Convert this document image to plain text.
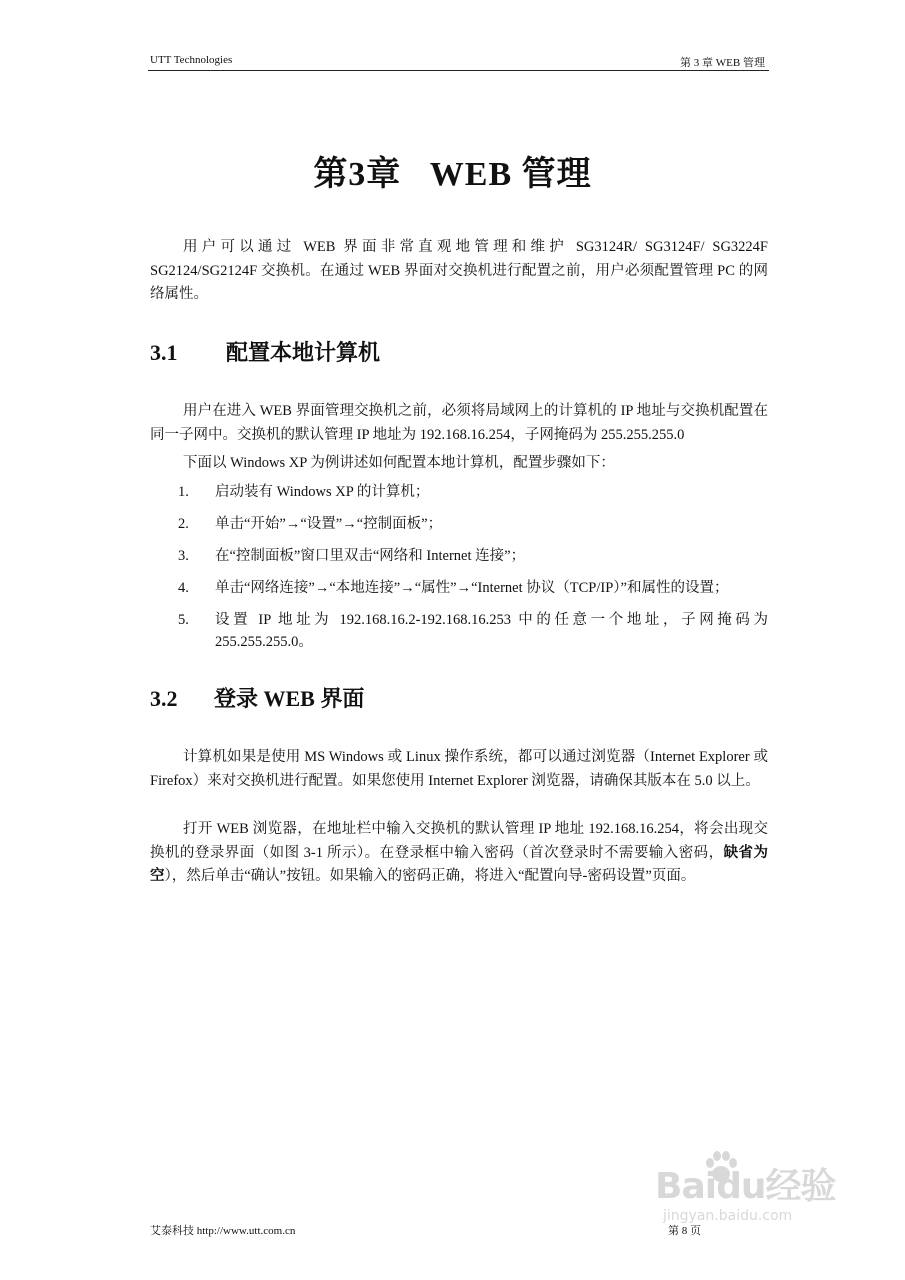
UTT Technologies	第 3 章 WEB 管理
第3章   WEB 管理

用户可以通过 WEB 界面非常直观地管理和维护 SG3124R/ SG3124F/ SG3224F SG2124/SG2124F 交换机。在通过 WEB 界面对交换机进行配置之前，用户必须配置管理 PC 的网络属性。

3.1 配置本地计算机

用户在进入 WEB 界面管理交换机之前，必须将局域网上的计算机的 IP 地址与交换机配置在同一子网中。交换机的默认管理 IP 地址为 192.168.16.254，子网掩码为 255.255.255.0

下面以 Windows XP 为例讲述如何配置本地计算机，配置步骤如下：

1. 启动装有 Windows XP 的计算机；
2. 单击“开始”→“设置”→“控制面板”；
3. 在“控制面板”窗口里双击“网络和 Internet 连接”；
4. 单击“网络连接”→“本地连接”→“属性”→“Internet 协议（TCP/IP）”和属性的设置；
5. 设置 IP 地址为 192.168.16.2-192.168.16.253 中的任意一个地址，子网掩码为 255.255.255.0。
3.2 登录 WEB 界面

计算机如果是使用 MS Windows 或 Linux 操作系统，都可以通过浏览器（Internet Explorer 或 Firefox）来对交换机进行配置。如果您使用 Internet Explorer 浏览器，请确保其版本在 5.0 以上。

打开 WEB 浏览器，在地址栏中输入交换机的默认管理 IP 地址 192.168.16.254，将会出现交换机的登录界面（如图 3-1 所示）。在登录框中输入密码（首次登录时不需要输入密码，缺省为空），然后单击“确认”按钮。如果输入的密码正确，将进入“配置向导-密码设置”页面。

Baidu经验
jingyan.baidu.com
艾泰科技 http://www.utt.com.cn	第 8 页
